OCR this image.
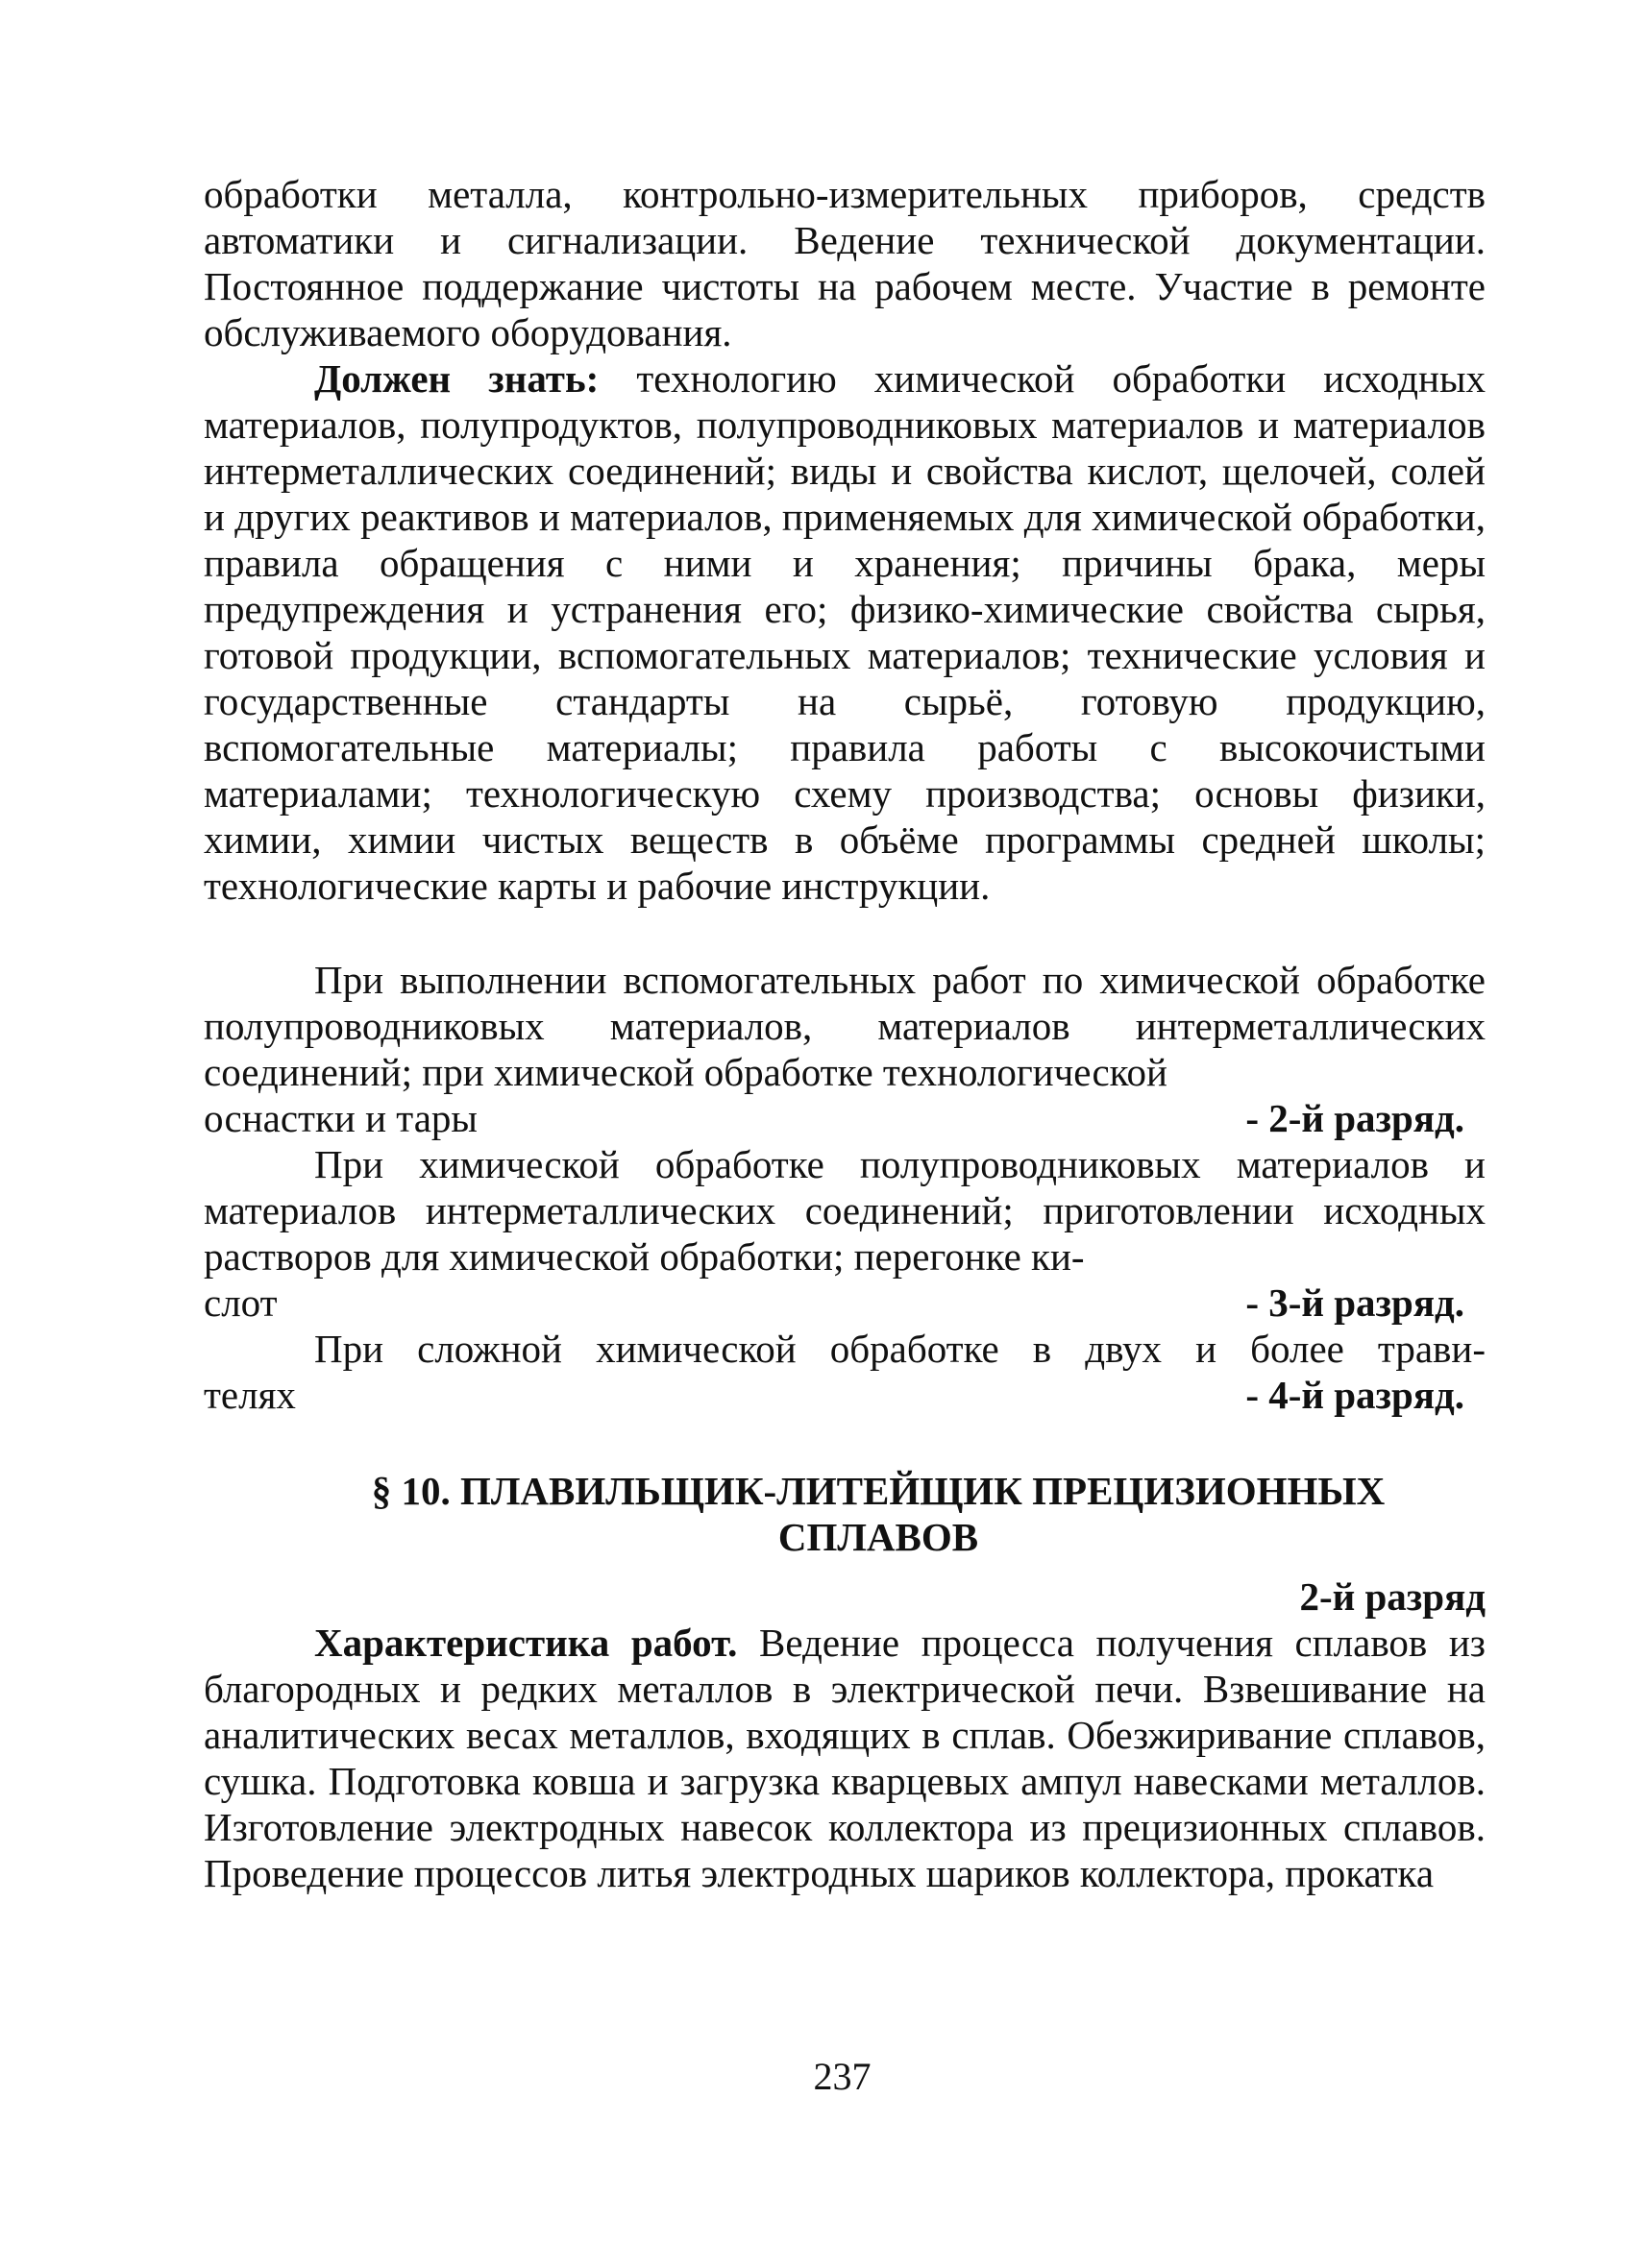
обработки металла, контрольно-измерительных приборов, средств автоматики и сигнализации. Ведение технической документации. Постоянное поддержание чистоты на рабочем месте. Участие в ремонте обслуживаемого оборудования.

Должен знать: технологию химической обработки исходных материалов, полупродуктов, полупроводниковых материалов и материалов интерметаллических соединений; виды и свойства кислот, щелочей, солей и других реактивов и материалов, применяемых для химической обработки, правила обращения с ними и хранения; причины брака, меры предупреждения и устранения его; физико-химические свойства сырья, готовой продукции, вспомогательных материалов; технические условия и государственные стандарты на сырьё, готовую продукцию, вспомогательные материалы; правила работы с высокочистыми материалами; технологическую схему производства; основы физики, химии, химии чистых веществ в объёме программы средней школы; технологические карты и рабочие инструкции.

При выполнении вспомогательных работ по химической обработке полупроводниковых материалов, материалов интерметаллических соединений; при химической обработке технологической

оснастки и тары	- 2-й разряд.

При химической обработке полупроводниковых материалов и материалов интерметаллических соединений; приготовлении исходных растворов для химической обработки; перегонке ки-

слот	- 3-й разряд.

При сложной химической обработке в двух и более трави-

телях	- 4-й разряд.
§ 10. ПЛАВИЛЬЩИК-ЛИТЕЙЩИК ПРЕЦИЗИОННЫХ
СПЛАВОВ
2-й разряд

Характеристика работ. Ведение процесса получения сплавов из благородных и редких металлов в электрической печи. Взвешивание на аналитических весах металлов, входящих в сплав. Обезжиривание сплавов, сушка. Подготовка ковша и загрузка кварцевых ампул навесками металлов. Изготовление электродных навесок коллектора из прецизионных сплавов. Проведение процессов литья электродных шариков коллектора, прокатка

237
